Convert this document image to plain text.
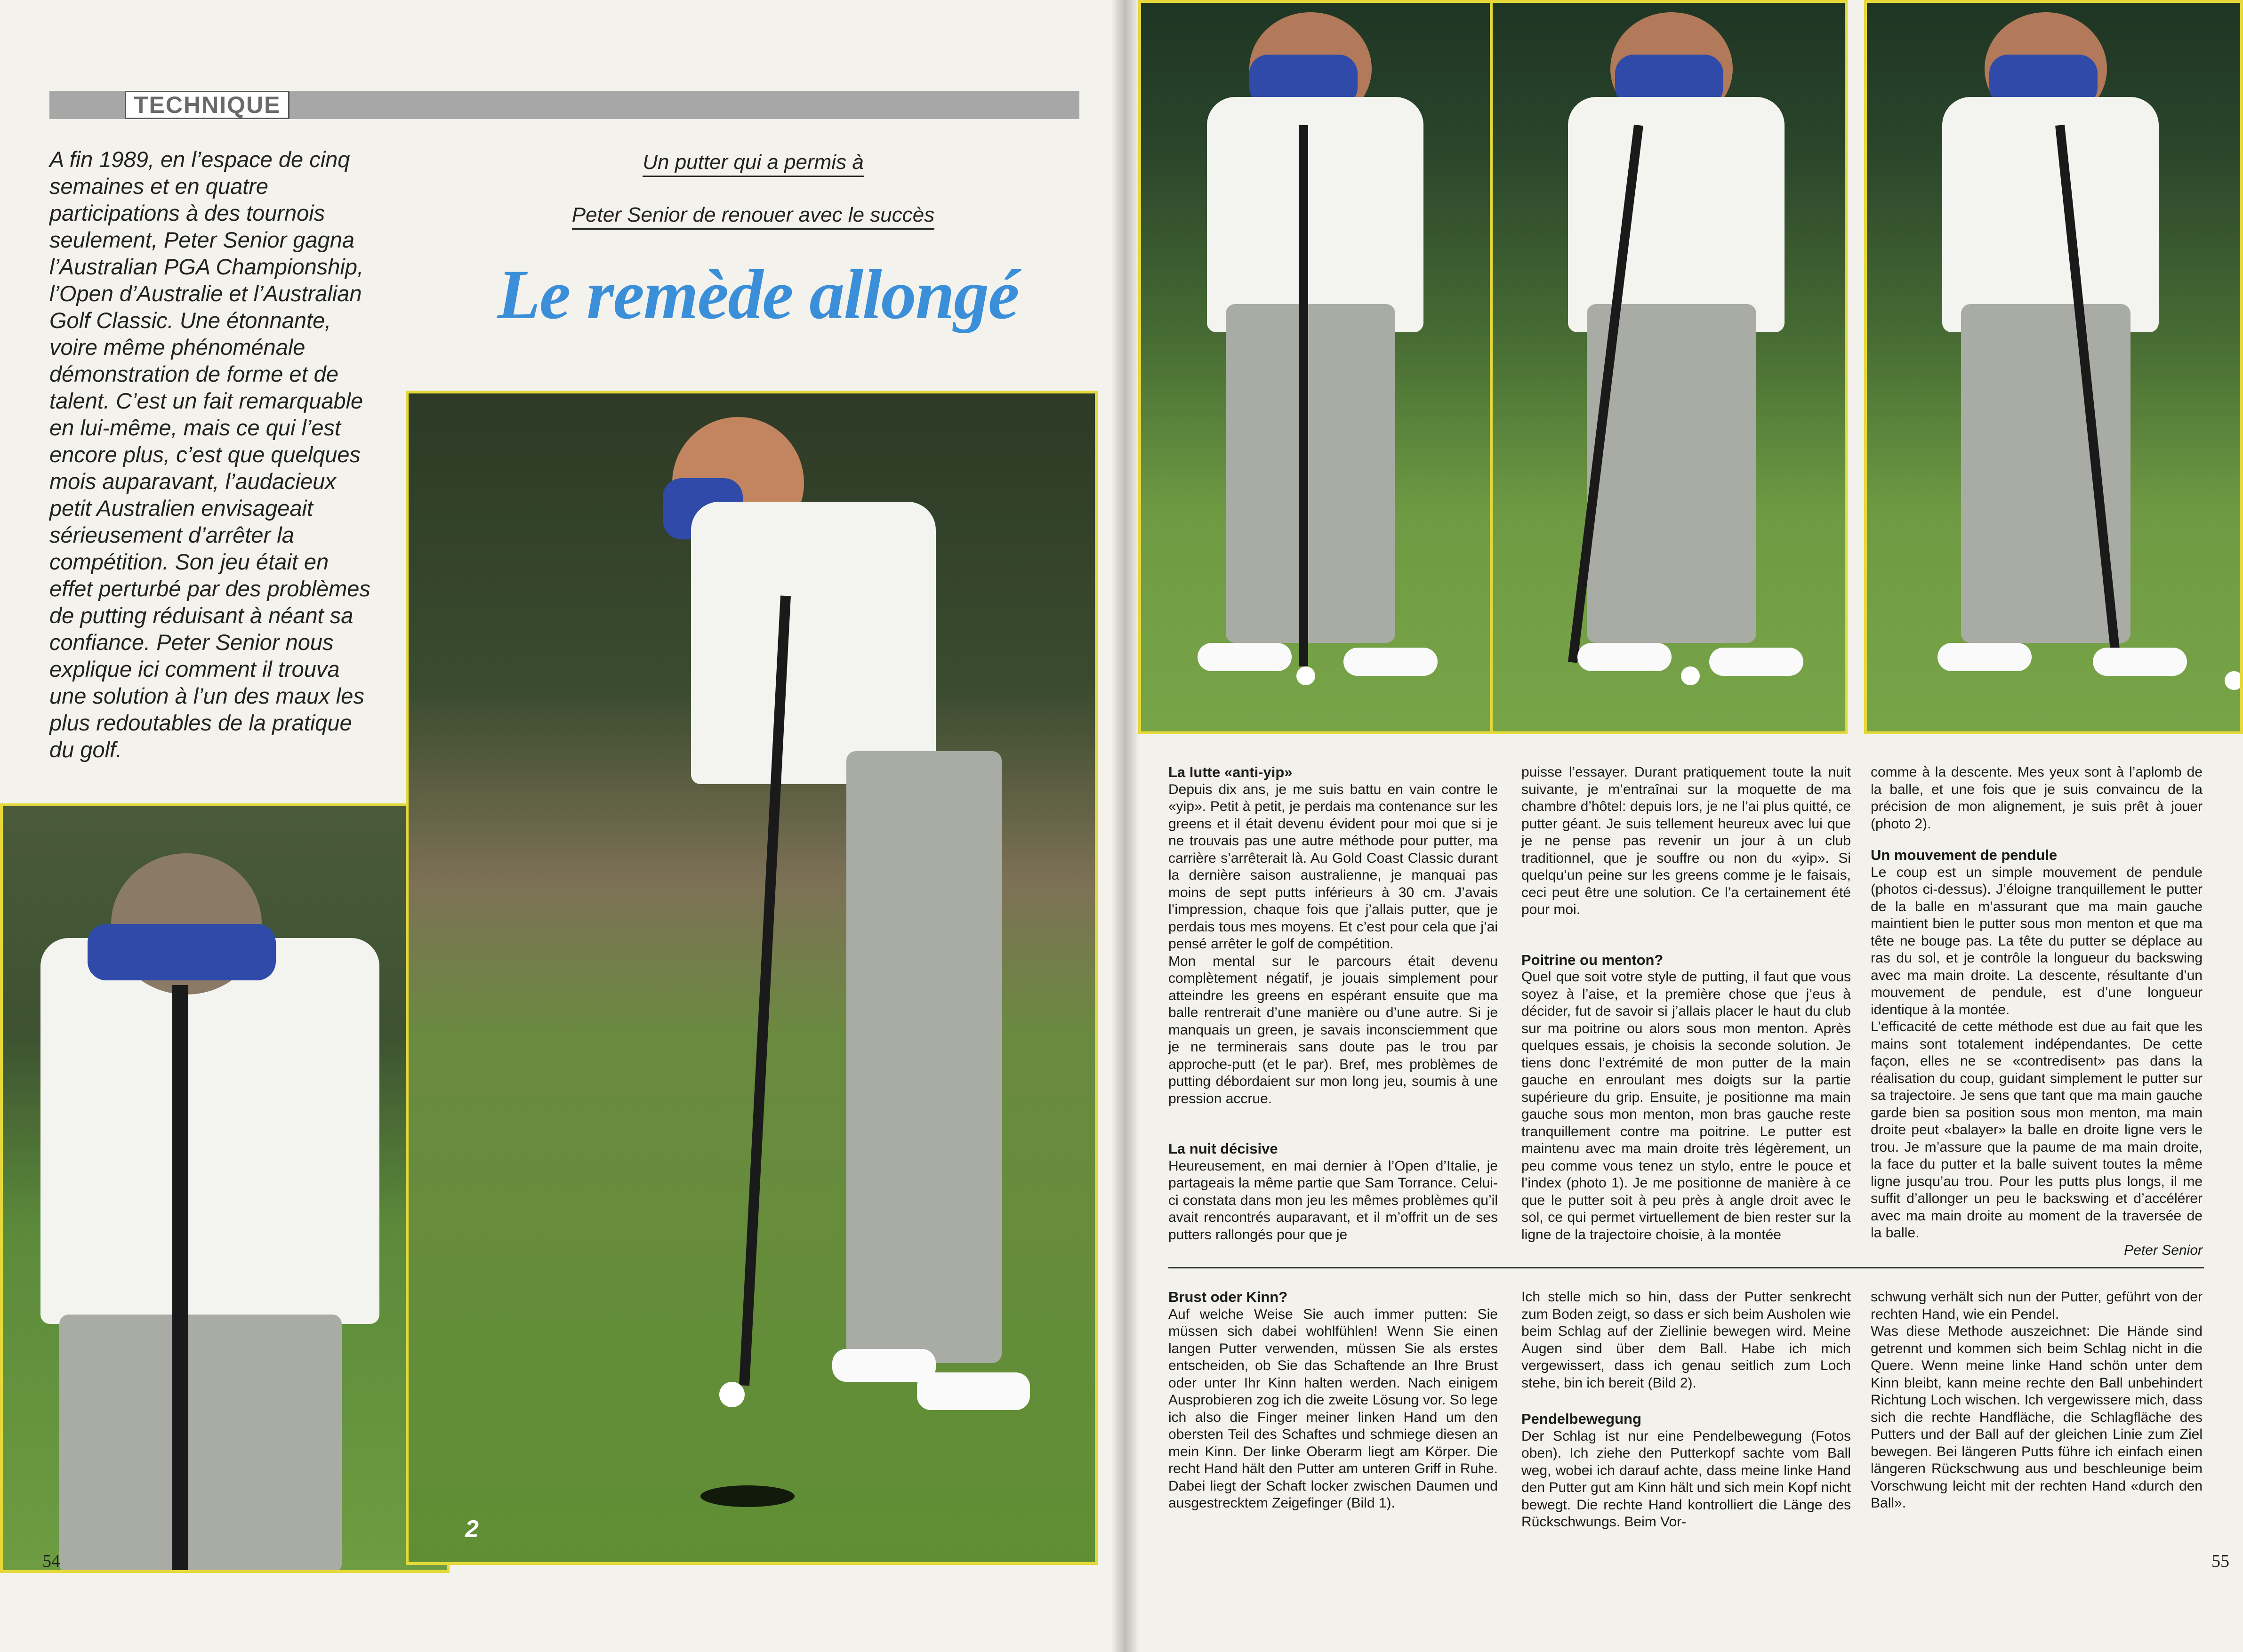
TECHNIQUE

A fin 1989, en l’espace de cinq semaines et en quatre participations à des tournois seulement, Peter Senior gagna l’Australian PGA Championship, l’Open d’Australie et l’Australian Golf Classic. Une étonnante, voire même phénoménale démonstration de forme et de talent. C’est un fait remarquable en lui-même, mais ce qui l’est encore plus, c’est que quelques mois auparavant, l’audacieux petit Australien envisageait sérieusement d’arrêter la compétition. Son jeu était en effet perturbé par des problèmes de putting réduisant à néant sa confiance. Peter Senior nous explique ici comment il trouva une solution à l’un des maux les plus redoutables de la pratique du golf.

Un putter qui a permis à

Peter Senior de renouer avec le succès

Le remède allongé
2
La lutte «anti-yip»

Depuis dix ans, je me suis battu en vain contre le «yip». Petit à petit, je perdais ma contenance sur les greens et il était devenu évident pour moi que si je ne trouvais pas une autre méthode pour putter, ma carrière s’arrêterait là. Au Gold Coast Classic durant la dernière saison australienne, je manquai pas moins de sept putts inférieurs à 30 cm. J’avais l’impression, chaque fois que j’allais putter, que je perdais tous mes moyens. Et c’est pour cela que j’ai pensé arrêter le golf de compétition.

Mon mental sur le parcours était devenu complètement négatif, je jouais simplement pour atteindre les greens en espérant ensuite que ma balle rentrerait d’une manière ou d’une autre. Si je manquais un green, je savais inconsciemment que je ne terminerais sans doute pas le trou par approche-putt (et le par). Bref, mes problèmes de putting débordaient sur mon long jeu, soumis à une pression accrue.

La nuit décisive

Heureusement, en mai dernier à l’Open d’Italie, je partageais la même partie que Sam Torrance. Celui-ci constata dans mon jeu les mêmes problèmes qu’il avait rencontrés auparavant, et il m’offrit un de ses putters rallongés pour que je

puisse l’essayer. Durant pratiquement toute la nuit suivante, je m’entraînai sur la moquette de ma chambre d’hôtel: depuis lors, je ne l’ai plus quitté, ce putter géant. Je suis tellement heureux avec lui que je ne pense pas revenir un jour à un club traditionnel, que je souffre ou non du «yip». Si quelqu’un peine sur les greens comme je le faisais, ceci peut être une solution. Ce l’a certainement été pour moi.

Poitrine ou menton?

Quel que soit votre style de putting, il faut que vous soyez à l’aise, et la première chose que j’eus à décider, fut de savoir si j’allais placer le haut du club sur ma poitrine ou alors sous mon menton. Après quelques essais, je choisis la seconde solution. Je tiens donc l’extrémité de mon putter de la main gauche en enroulant mes doigts sur la partie supérieure du grip. Ensuite, je positionne ma main gauche sous mon menton, mon bras gauche reste tranquillement contre ma poitrine. Le putter est maintenu avec ma main droite très légèrement, un peu comme vous tenez un stylo, entre le pouce et l’index (photo 1). Je me positionne de manière à ce que le putter soit à peu près à angle droit avec le sol, ce qui permet virtuellement de bien rester sur la ligne de la trajectoire choisie, à la montée

comme à la descente. Mes yeux sont à l’aplomb de la balle, et une fois que je suis convaincu de la précision de mon alignement, je suis prêt à jouer (photo 2).

Un mouvement de pendule

Le coup est un simple mouvement de pendule (photos ci-dessus). J’éloigne tranquillement le putter de la balle en m’assurant que ma main gauche maintient bien le putter sous mon menton et que ma tête ne bouge pas. La tête du putter se déplace au ras du sol, et je contrôle la longueur du backswing avec ma main droite. La descente, résultante d’un mouvement de pendule, est d’une longueur identique à la montée.

L’efficacité de cette méthode est due au fait que les mains sont totalement indépendantes. De cette façon, elles ne se «contredisent» pas dans la réalisation du coup, guidant simplement le putter sur sa trajectoire. Je sens que tant que ma main gauche garde bien sa position sous mon menton, ma main droite peut «balayer» la balle en droite ligne vers le trou. Je m’assure que la paume de ma main droite, la face du putter et la balle suivent toutes la même ligne jusqu’au trou. Pour les putts plus longs, il me suffit d’allonger un peu le backswing et d’accélérer avec ma main droite au moment de la traversée de la balle.

Peter Senior

Brust oder Kinn?

Auf welche Weise Sie auch immer putten: Sie müssen sich dabei wohlfühlen! Wenn Sie einen langen Putter verwenden, müssen Sie als erstes entscheiden, ob Sie das Schaftende an Ihre Brust oder unter Ihr Kinn halten werden. Nach einigem Ausprobieren zog ich die zweite Lösung vor. So lege ich also die Finger meiner linken Hand um den obersten Teil des Schaftes und schmiege diesen an mein Kinn. Der linke Oberarm liegt am Körper. Die recht Hand hält den Putter am unteren Griff in Ruhe. Dabei liegt der Schaft locker zwischen Daumen und ausgestrecktem Zeigefinger (Bild 1).

Ich stelle mich so hin, dass der Putter senkrecht zum Boden zeigt, so dass er sich beim Ausholen wie beim Schlag auf der Ziellinie bewegen wird. Meine Augen sind über dem Ball. Habe ich mich vergewissert, dass ich genau seitlich zum Loch stehe, bin ich bereit (Bild 2).

Pendelbewegung

Der Schlag ist nur eine Pendelbewegung (Fotos oben). Ich ziehe den Putterkopf sachte vom Ball weg, wobei ich darauf achte, dass meine linke Hand den Putter gut am Kinn hält und sich mein Kopf nicht bewegt. Die rechte Hand kontrolliert die Länge des Rückschwungs. Beim Vor-

schwung verhält sich nun der Putter, geführt von der rechten Hand, wie ein Pendel.

Was diese Methode auszeichnet: Die Hände sind getrennt und kommen sich beim Schlag nicht in die Quere. Wenn meine linke Hand schön unter dem Kinn bleibt, kann meine rechte den Ball unbehindert Richtung Loch wischen. Ich vergewissere mich, dass sich die rechte Handfläche, die Schlagfläche des Putters und der Ball auf der gleichen Linie zum Ziel bewegen. Bei längeren Putts führe ich einfach einen längeren Rückschwung aus und beschleunige beim Vorschwung leicht mit der rechten Hand «durch den Ball».

54	55
